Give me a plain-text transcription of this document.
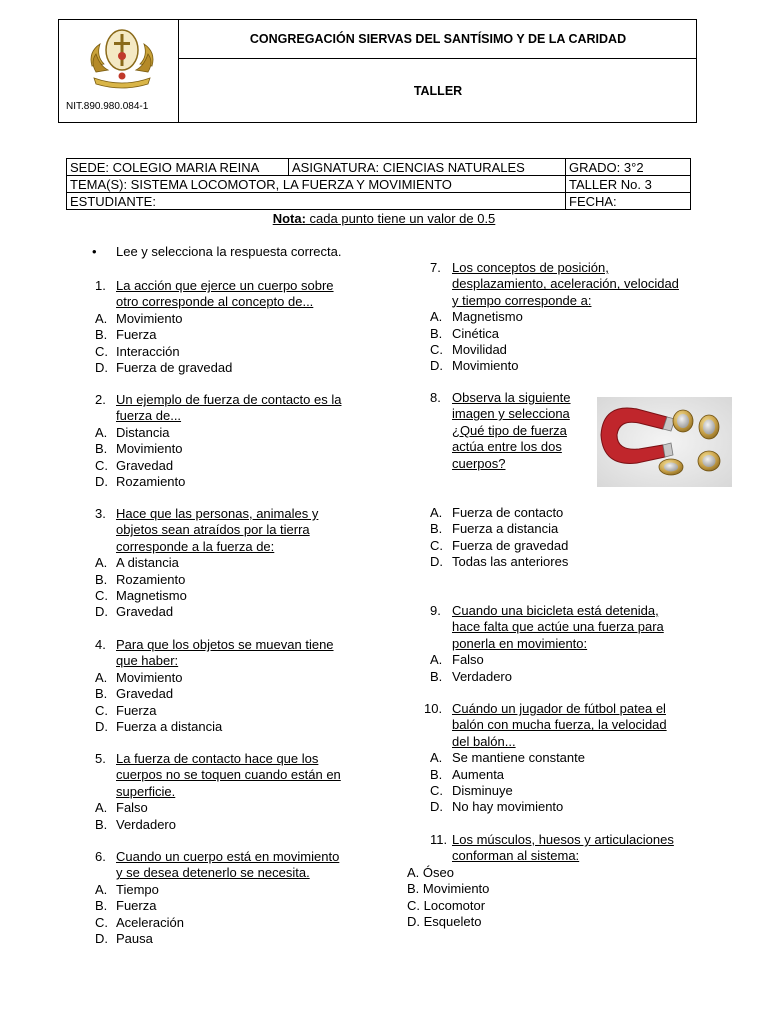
CONGREGACIÓN SIERVAS DEL SANTÍSIMO Y DE LA CARIDAD
TALLER
NIT.890.980.084-1
SEDE: COLEGIO MARIA REINA	ASIGNATURA: CIENCIAS NATURALES	GRADO: 3°2
TEMA(S): SISTEMA LOCOMOTOR, LA FUERZA Y MOVIMIENTO		TALLER No. 3
ESTUDIANTE:		FECHA:
Nota: cada punto tiene un valor de 0.5
• Lee y selecciona la respuesta correcta.
1. La acción que ejerce un cuerpo sobre
otro corresponde al concepto de...
A. Movimiento
B. Fuerza
C. Interacción
D. Fuerza de gravedad
2. Un ejemplo de fuerza de contacto es la
fuerza de...
A. Distancia
B. Movimiento
C. Gravedad
D. Rozamiento
3. Hace que las personas, animales y
objetos sean atraídos por la tierra
corresponde a la fuerza de:
A. A distancia
B. Rozamiento
C. Magnetismo
D. Gravedad
4. Para que los objetos se muevan tiene
que haber:
A. Movimiento
B. Gravedad
C. Fuerza
D. Fuerza a distancia
5. La fuerza de contacto hace que los
cuerpos no se toquen cuando están en
superficie.
A. Falso
B. Verdadero
6. Cuando un cuerpo está en movimiento
y se desea detenerlo se necesita.
A. Tiempo
B. Fuerza
C. Aceleración
D. Pausa
7. Los conceptos de posición,
desplazamiento, aceleración, velocidad
y tiempo corresponde a:
A. Magnetismo
B. Cinética
C. Movilidad
D. Movimiento
8. Observa la siguiente
imagen y selecciona
¿Qué tipo de fuerza
actúa entre los dos
cuerpos?
A. Fuerza de contacto
B. Fuerza a distancia
C. Fuerza de gravedad
D. Todas las anteriores
9. Cuando una bicicleta está detenida,
hace falta que actúe una fuerza para
ponerla en movimiento:
A. Falso
B. Verdadero
10. Cuándo un jugador de fútbol patea el
balón con mucha fuerza, la velocidad
del balón...
A. Se mantiene constante
B. Aumenta
C. Disminuye
D. No hay movimiento
11. Los músculos, huesos y articulaciones
conforman al sistema:
A. Óseo
B. Movimiento
C. Locomotor
D. Esqueleto
